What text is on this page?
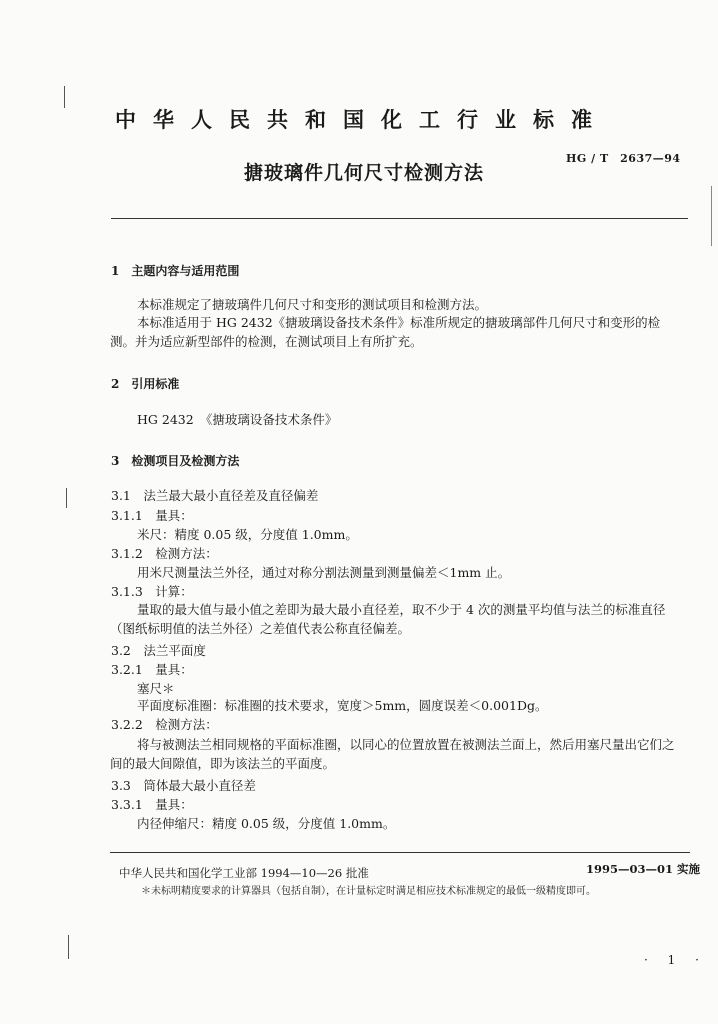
中华人民共和国化工行业标准
搪玻璃件几何尺寸检测方法
HG / T　2637—94
1　主题内容与适用范围
本标准规定了搪玻璃件几何尺寸和变形的测试项目和检测方法。
本标准适用于 HG 2432《搪玻璃设备技术条件》标准所规定的搪玻璃部件几何尺寸和变形的检
测。并为适应新型部件的检测，在测试项目上有所扩充。
2　引用标准
HG 2432　《搪玻璃设备技术条件》
3　检测项目及检测方法
3.1　法兰最大最小直径差及直径偏差
3.1.1　量具：
米尺：精度 0.05 级，分度值 1.0mm。
3.1.2　检测方法：
用米尺测量法兰外径，通过对称分割法测量到测量偏差＜1mm 止。
3.1.3　计算：
量取的最大值与最小值之差即为最大最小直径差，取不少于 4 次的测量平均值与法兰的标准直径
（图纸标明值的法兰外径）之差值代表公称直径偏差。
3.2　法兰平面度
3.2.1　量具：
塞尺＊
平面度标准圈：标准圈的技术要求，宽度＞5mm，圆度误差＜0.001Dg。
3.2.2　检测方法：
将与被测法兰相同规格的平面标准圈，以同心的位置放置在被测法兰面上，然后用塞尺量出它们之
间的最大间隙值，即为该法兰的平面度。
3.3　筒体最大最小直径差
3.3.1　量具：
内径伸缩尺：精度 0.05 级，分度值 1.0mm。
中华人民共和国化学工业部 1994—10—26 批准	1995—03—01 实施
＊未标明精度要求的计算器具（包括自制），在计量标定时满足相应技术标准规定的最低一级精度即可。
· 1 ·
